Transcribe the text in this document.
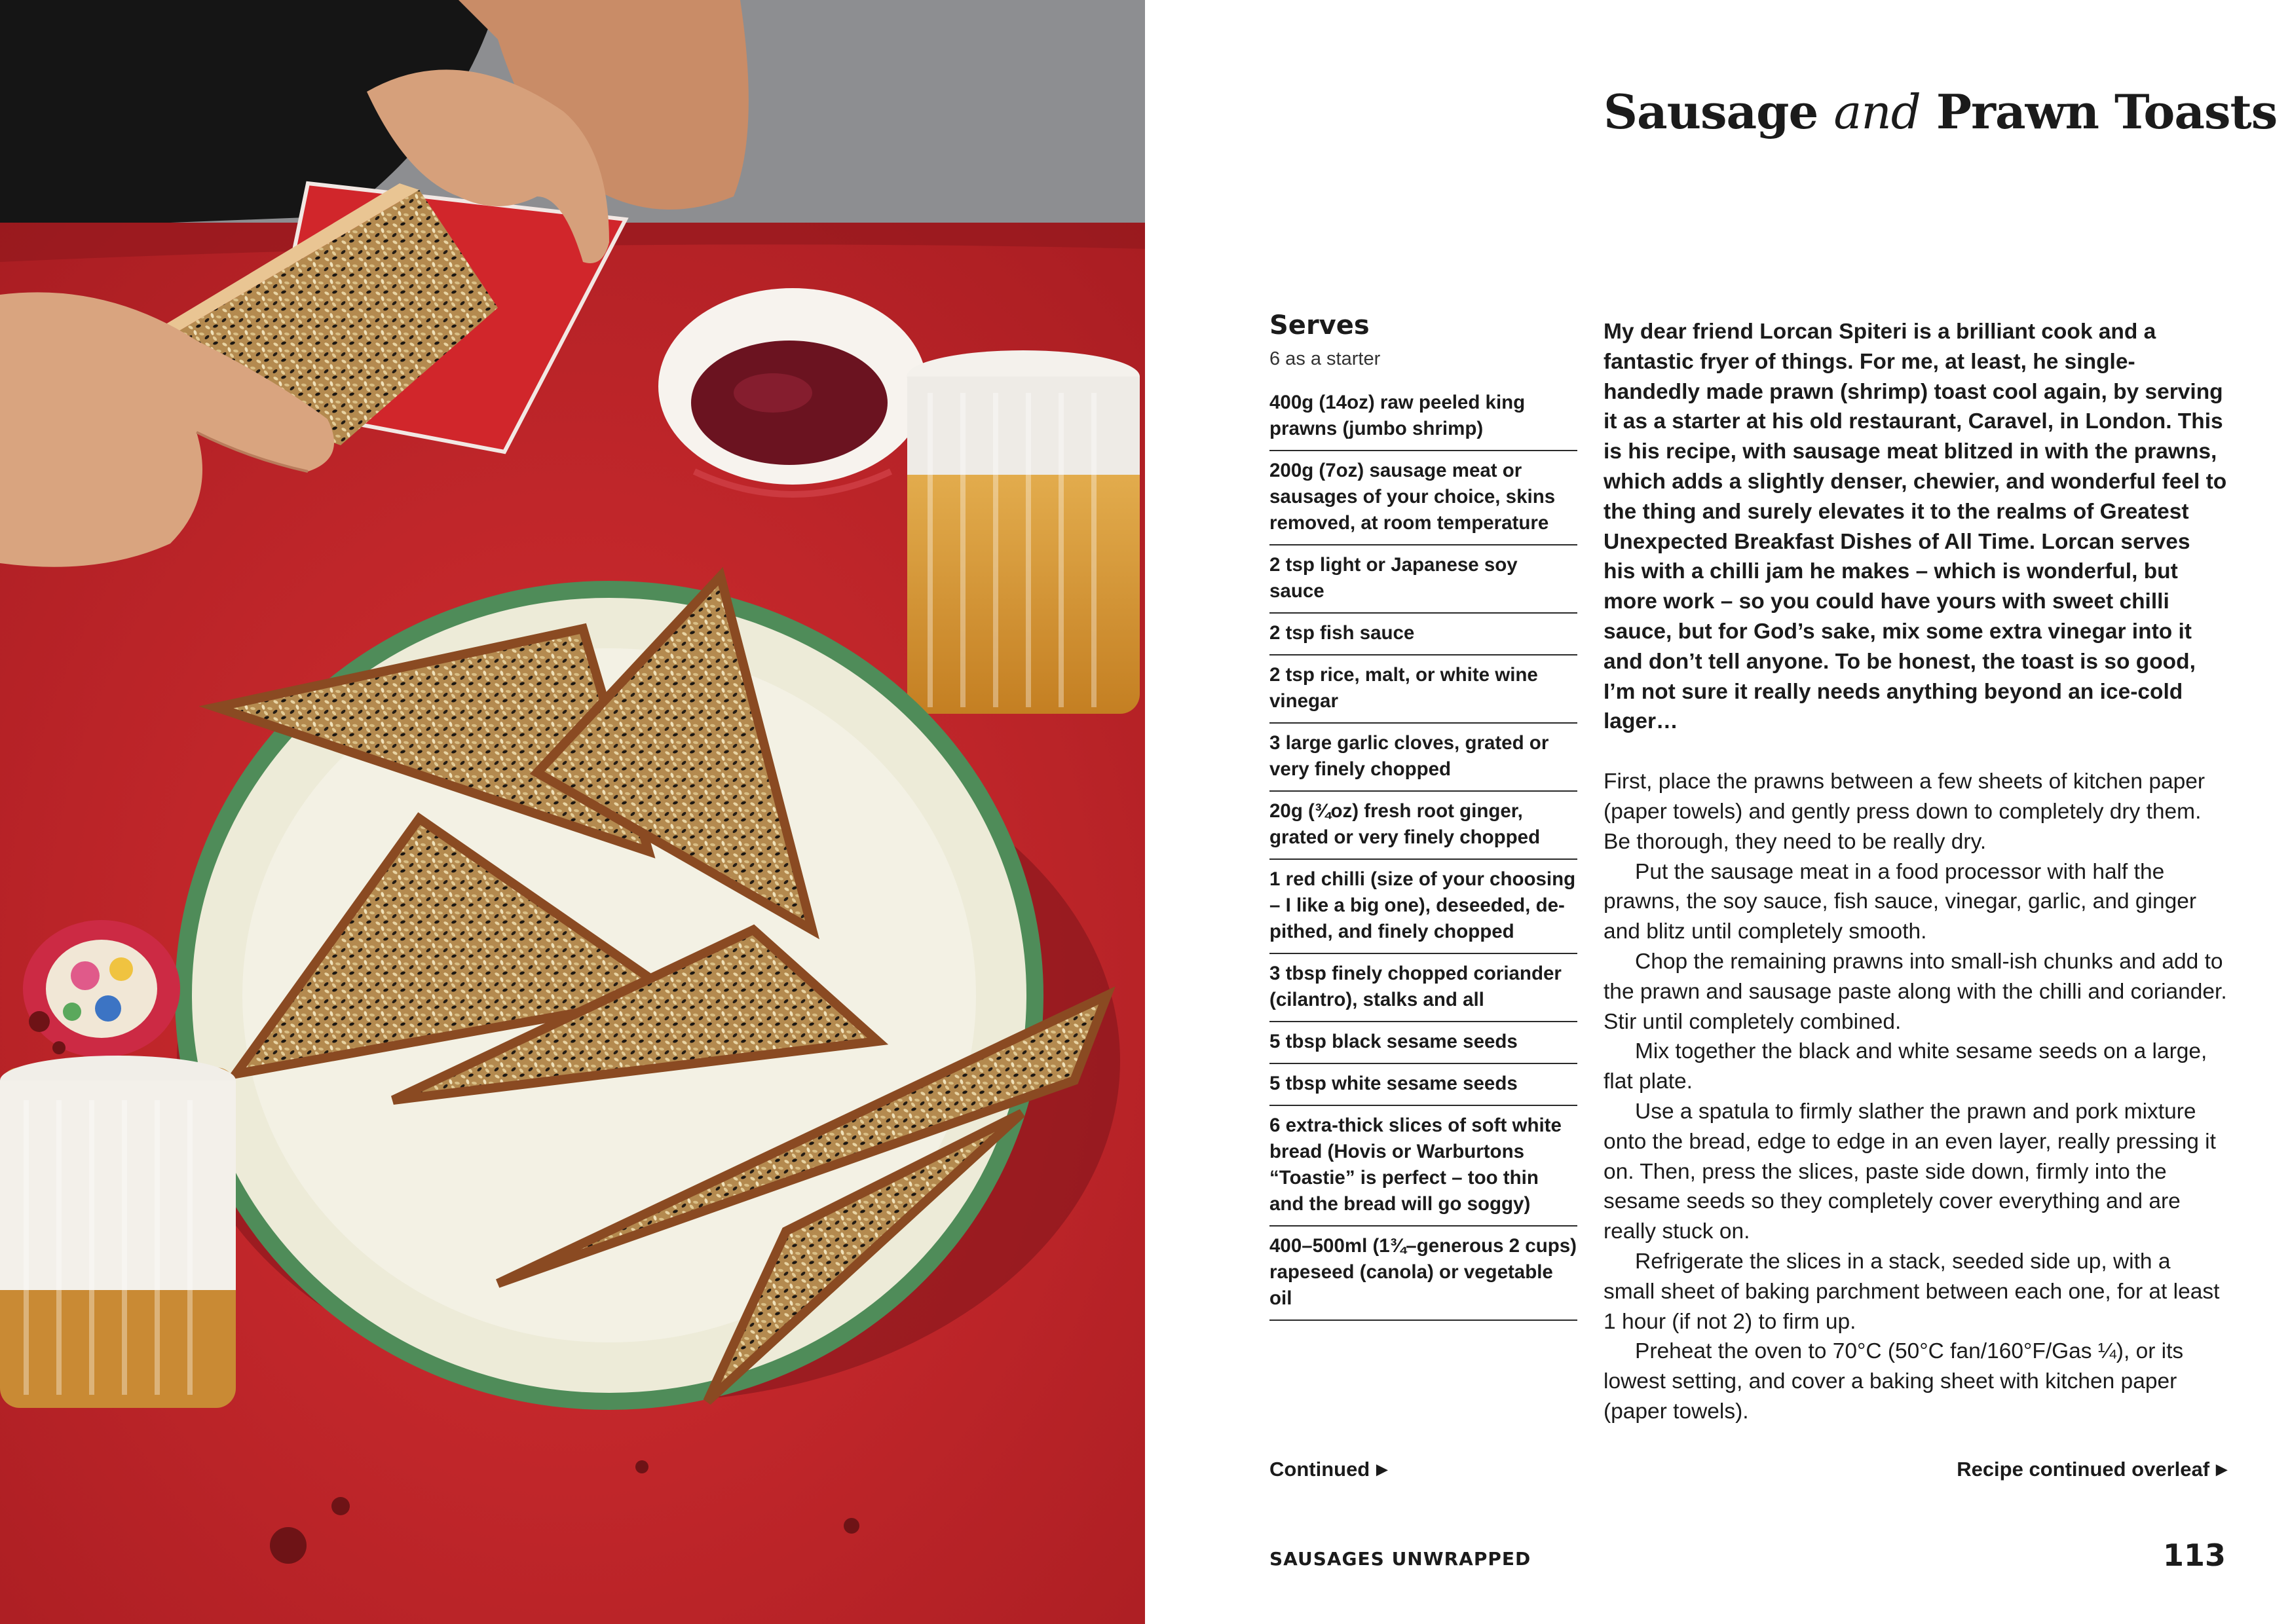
Sausage and Prawn Toasts
Serves
6 as a starter
400g (14oz) raw peeled king prawns (jumbo shrimp)
200g (7oz) sausage meat or sausages of your choice, skins removed, at room temperature
2 tsp light or Japanese soy sauce
2 tsp fish sauce
2 tsp rice, malt, or white wine vinegar
3 large garlic cloves, grated or very finely chopped
20g (¾oz) fresh root ginger, grated or very finely chopped
1 red chilli (size of your choosing – I like a big one), deseeded, de-pithed, and finely chopped
3 tbsp finely chopped coriander (cilantro), stalks and all
5 tbsp black sesame seeds
5 tbsp white sesame seeds
6 extra-thick slices of soft white bread (Hovis or Warburtons “Toastie” is perfect – too thin and the bread will go soggy)
400–500ml (1¾–generous 2 cups) rapeseed (canola) or vegetable oil
Continued ▶

My dear friend Lorcan Spiteri is a brilliant cook and a fantastic fryer of things. For me, at least, he single-handedly made prawn (shrimp) toast cool again, by serving it as a starter at his old restaurant, Caravel, in London. This is his recipe, with sausage meat blitzed in with the prawns, which adds a slightly denser, chewier, and wonderful feel to the thing and surely elevates it to the realms of Greatest Unexpected Breakfast Dishes of All Time. Lorcan serves his with a chilli jam he makes – which is wonderful, but more work – so you could have yours with sweet chilli sauce, but for God’s sake, mix some extra vinegar into it and don’t tell anyone. To be honest, the toast is so good, I’m not sure it really needs anything beyond an ice-cold lager…

First, place the prawns between a few sheets of kitchen paper (paper towels) and gently press down to completely dry them. Be thorough, they need to be really dry.

Put the sausage meat in a food processor with half the prawns, the soy sauce, fish sauce, vinegar, garlic, and ginger and blitz until completely smooth.

Chop the remaining prawns into small-ish chunks and add to the prawn and sausage paste along with the chilli and coriander. Stir until completely combined.

Mix together the black and white sesame seeds on a large, flat plate.

Use a spatula to firmly slather the prawn and pork mixture onto the bread, edge to edge in an even layer, really pressing it on. Then, press the slices, paste side down, firmly into the sesame seeds so they completely cover everything and are really stuck on.

Refrigerate the slices in a stack, seeded side up, with a small sheet of baking parchment between each one, for at least 1 hour (if not 2) to firm up.

Preheat the oven to 70°C (50°C fan/160°F/Gas ¼), or its lowest setting, and cover a baking sheet with kitchen paper (paper towels).

Recipe continued overleaf ▶
SAUSAGES UNWRAPPED	113
